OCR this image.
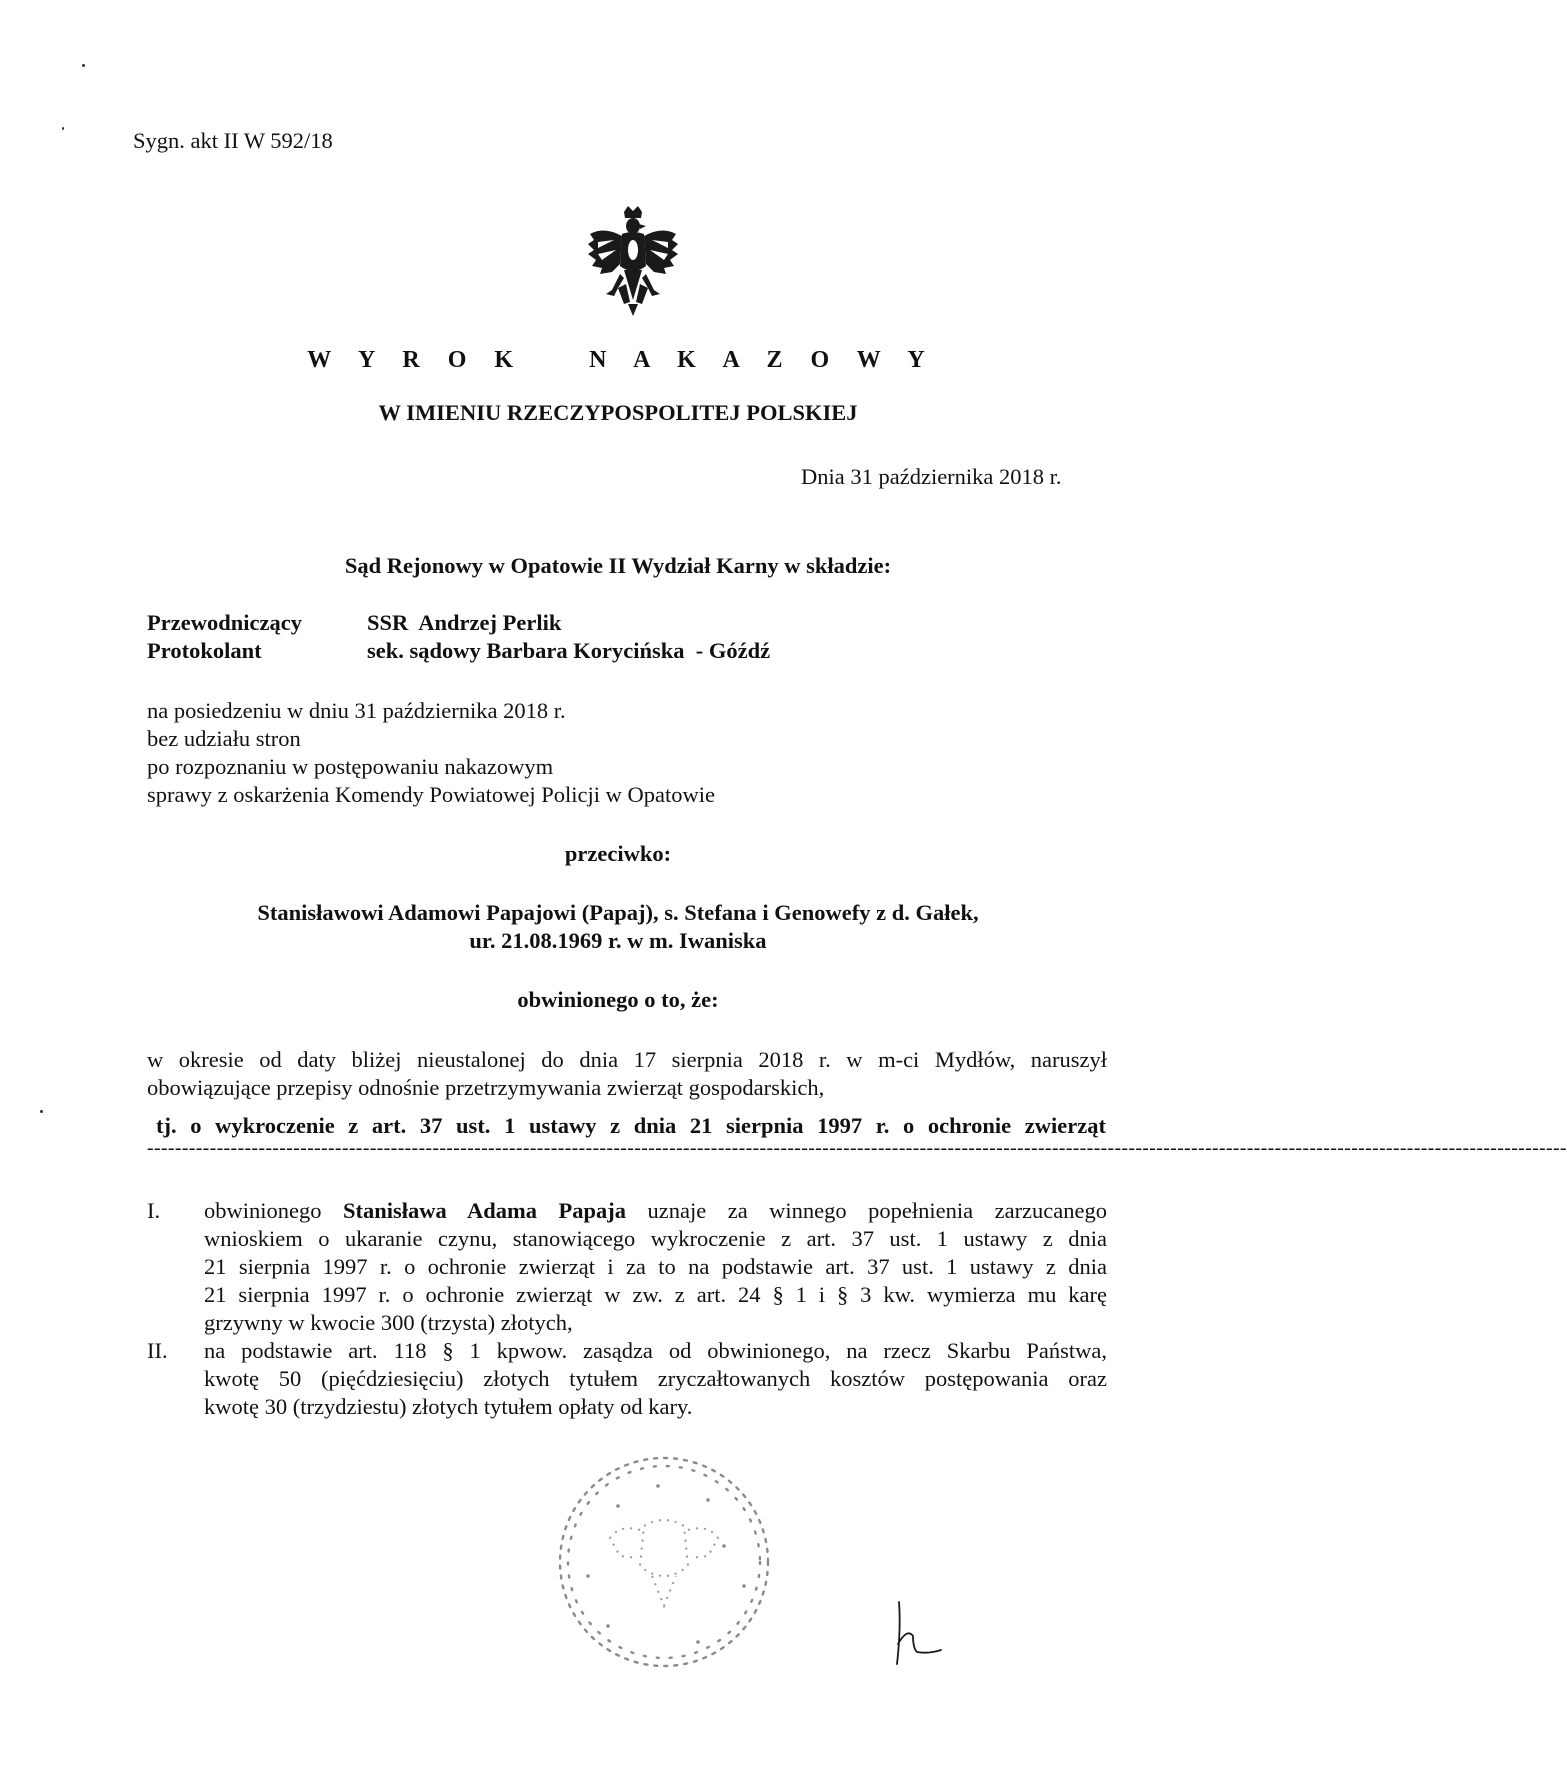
Sygn. akt II W 592/18
W Y R O K   N A K A Z O W Y
W IMIENIU RZECZYPOSPOLITEJ POLSKIEJ
Dnia 31 października 2018 r.
Sąd Rejonowy w Opatowie II Wydział Karny w składzie:
Przewodniczący	SSR  Andrzej Perlik
Protokolant	sek. sądowy Barbara Korycińska  - Góźdź
na posiedzeniu w dniu 31 października 2018 r.
bez udziału stron
po rozpoznaniu w postępowaniu nakazowym
sprawy z oskarżenia Komendy Powiatowej Policji w Opatowie
przeciwko:
Stanisławowi Adamowi Papajowi (Papaj), s. Stefana i Genowefy z d. Gałek,
ur. 21.08.1969 r. w m. Iwaniska
obwinionego o to, że:
w okresie od daty bliżej nieustalonej do dnia 17 sierpnia 2018 r. w m-ci Mydłów, naruszył
obowiązujące przepisy odnośnie przetrzymywania zwierząt gospodarskich,
tj. o wykroczenie z art. 37 ust. 1 ustawy z dnia 21 sierpnia 1997 r. o ochronie zwierząt
------------------------------------------------------------------------------------------------------------------------------------------------------------------------------------------------------------
I. obwinionego Stanisława Adama Papaja uznaje za winnego popełnienia zarzucanego
wnioskiem o ukaranie czynu, stanowiącego wykroczenie z art. 37 ust. 1 ustawy z dnia
21 sierpnia 1997 r. o ochronie zwierząt i za to na podstawie art. 37 ust. 1 ustawy z dnia
21 sierpnia 1997 r. o ochronie zwierząt w zw. z art. 24 § 1 i § 3 kw. wymierza mu karę
grzywny w kwocie 300 (trzysta) złotych,
II. na podstawie art. 118 § 1 kpwow. zasądza od obwinionego, na rzecz Skarbu Państwa,
kwotę 50 (pięćdziesięciu) złotych tytułem zryczałtowanych kosztów postępowania oraz
kwotę 30 (trzydziestu) złotych tytułem opłaty od kary.
